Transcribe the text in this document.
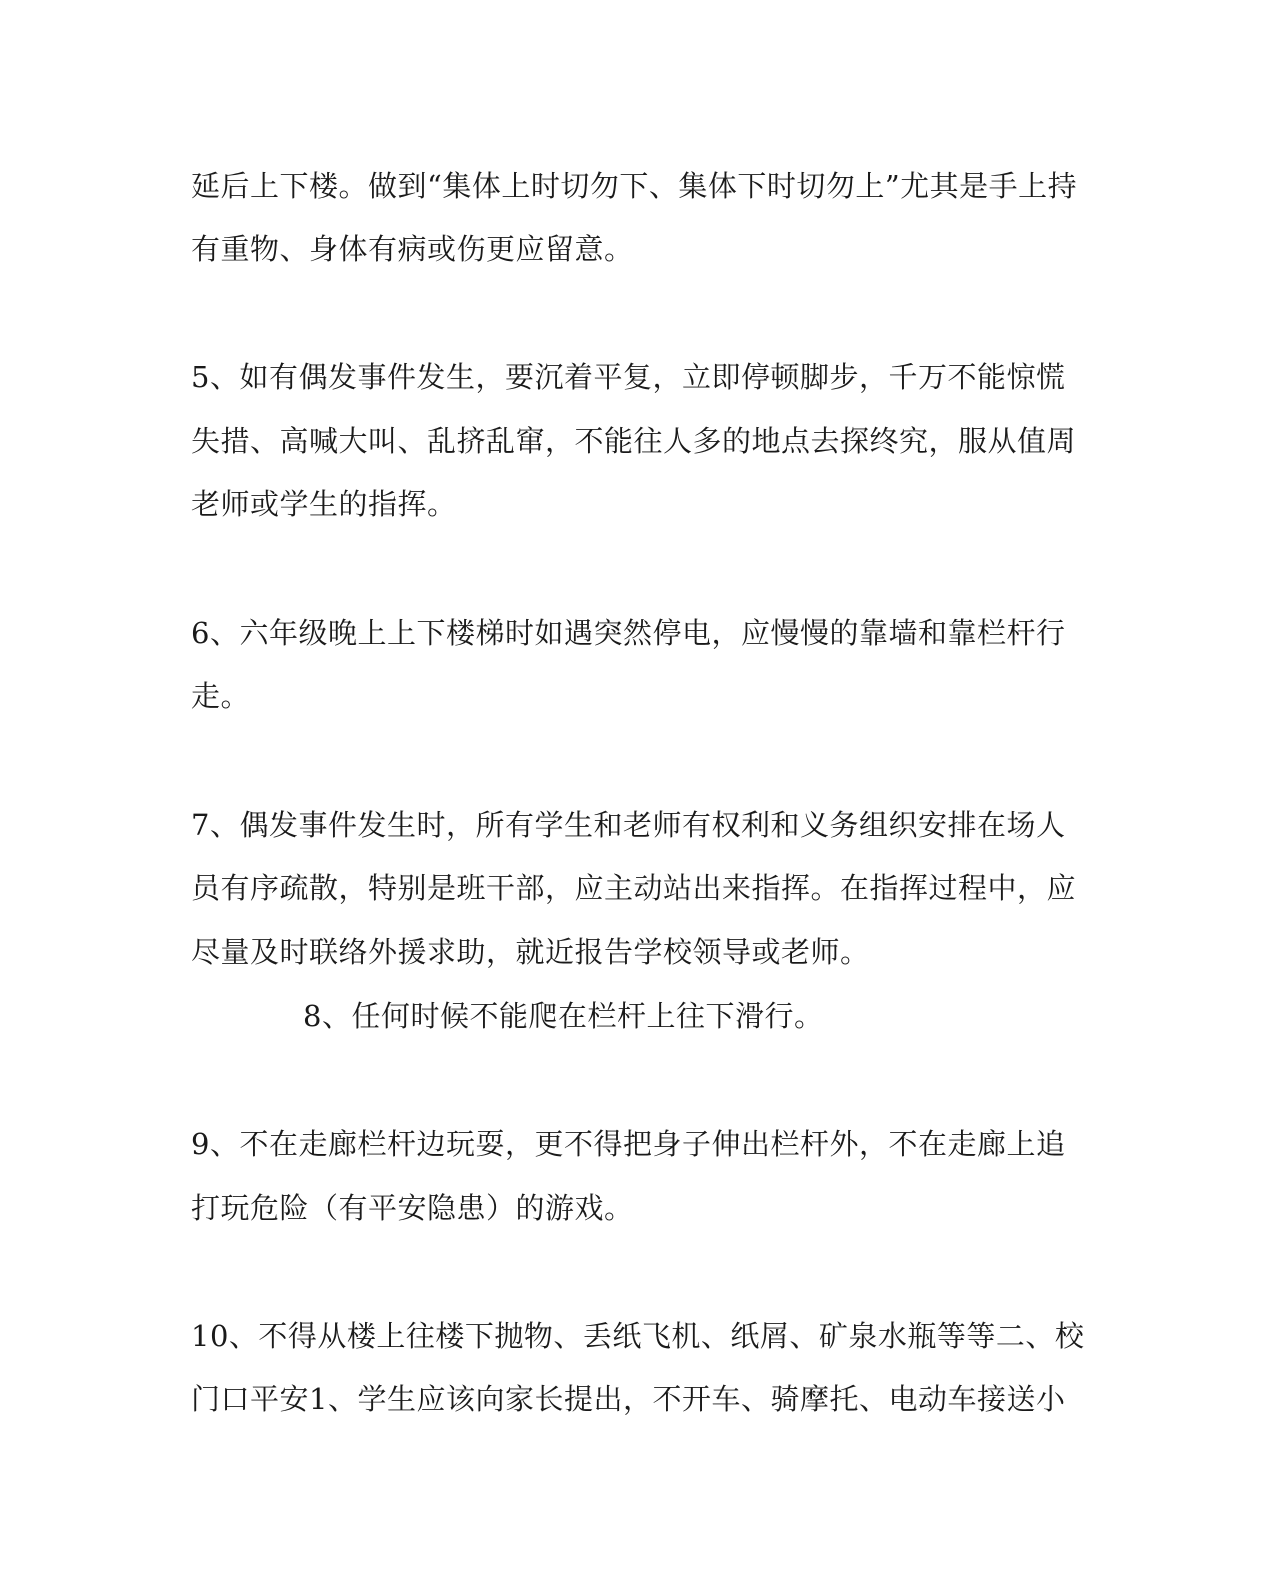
延后上下楼。做到“集体上时切勿下、集体下时切勿上”尤其是手上持
有重物、身体有病或伤更应留意。
5、如有偶发事件发生，要沉着平复，立即停顿脚步，千万不能惊慌
失措、高喊大叫、乱挤乱窜，不能往人多的地点去探终究，服从值周
老师或学生的指挥。
6、六年级晚上上下楼梯时如遇突然停电，应慢慢的靠墙和靠栏杆行
走。
7、偶发事件发生时，所有学生和老师有权利和义务组织安排在场人
员有序疏散，特别是班干部，应主动站出来指挥。在指挥过程中，应
尽量及时联络外援求助，就近报告学校领导或老师。
8、任何时候不能爬在栏杆上往下滑行。
9、不在走廊栏杆边玩耍，更不得把身子伸出栏杆外，不在走廊上追
打玩危险（有平安隐患）的游戏。
10、不得从楼上往楼下抛物、丢纸飞机、纸屑、矿泉水瓶等等二、校
门口平安1、学生应该向家长提出，不开车、骑摩托、电动车接送小
